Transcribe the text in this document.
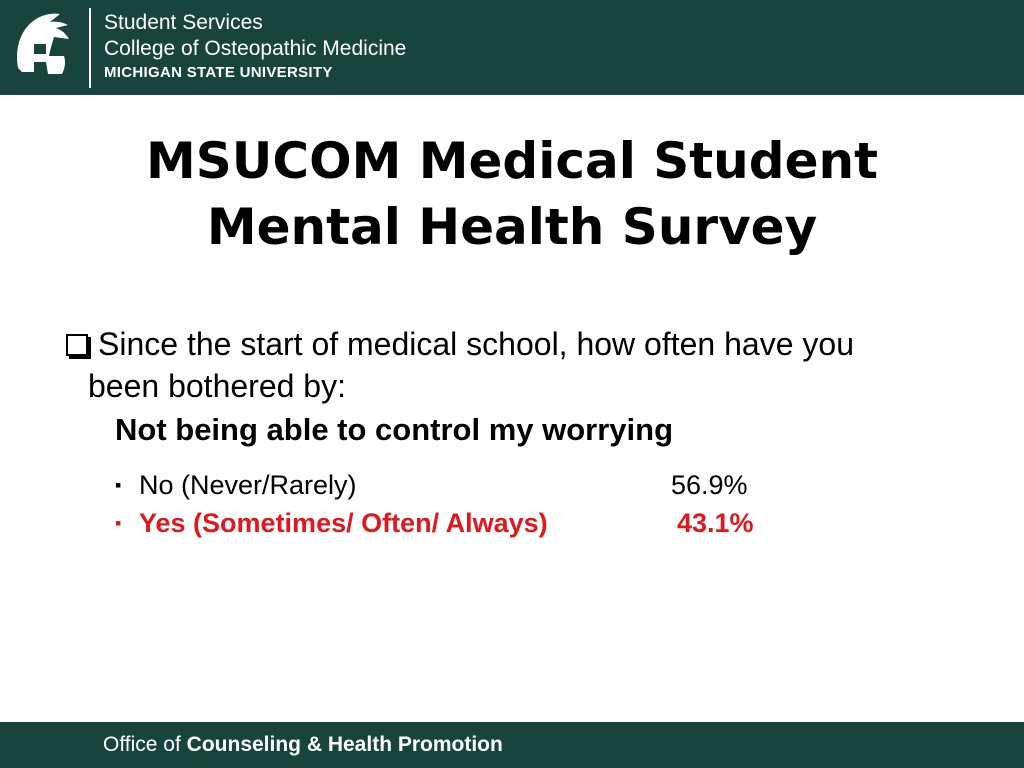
Student Services
College of Osteopathic Medicine
MICHIGAN STATE UNIVERSITY
MSUCOM Medical Student
Mental Health Survey
Since the start of medical school, how often have you
been bothered by:
Not being able to control my worrying
▪ No (Never/Rarely)	56.9%
▪ Yes (Sometimes/ Often/ Always)	43.1%
Office of Counseling & Health Promotion
